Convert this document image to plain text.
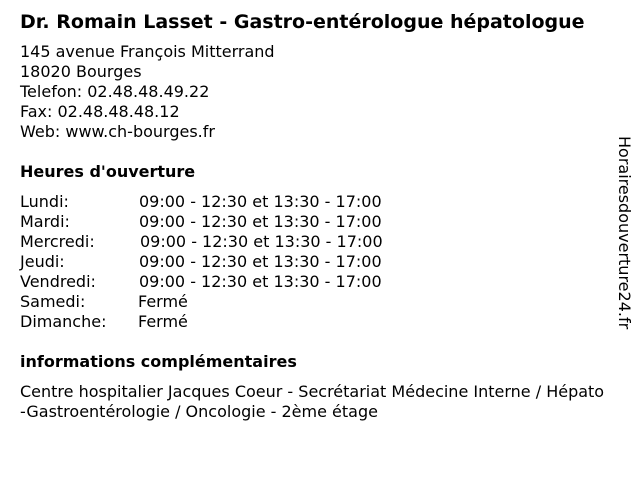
Dr. Romain Lasset - Gastro-entérologue hépatologue
145 avenue François Mitterrand
18020 Bourges
Telefon: 02.48.48.49.22
Fax: 02.48.48.48.12
Web: www.ch-bourges.fr
Heures d'ouverture
Lundi:	09:00 - 12:30 et 13:30 - 17:00
Mardi:	09:00 - 12:30 et 13:30 - 17:00
Mercredi:	09:00 - 12:30 et 13:30 - 17:00
Jeudi:	09:00 - 12:30 et 13:30 - 17:00
Vendredi:	09:00 - 12:30 et 13:30 - 17:00
Samedi:	Fermé
Dimanche: Fermé
informations complémentaires
Centre hospitalier Jacques Coeur - Secrétariat Médecine Interne / Hépato-Gastroentérologie / Oncologie - 2ème étage
Horairesdouverture24.fr
